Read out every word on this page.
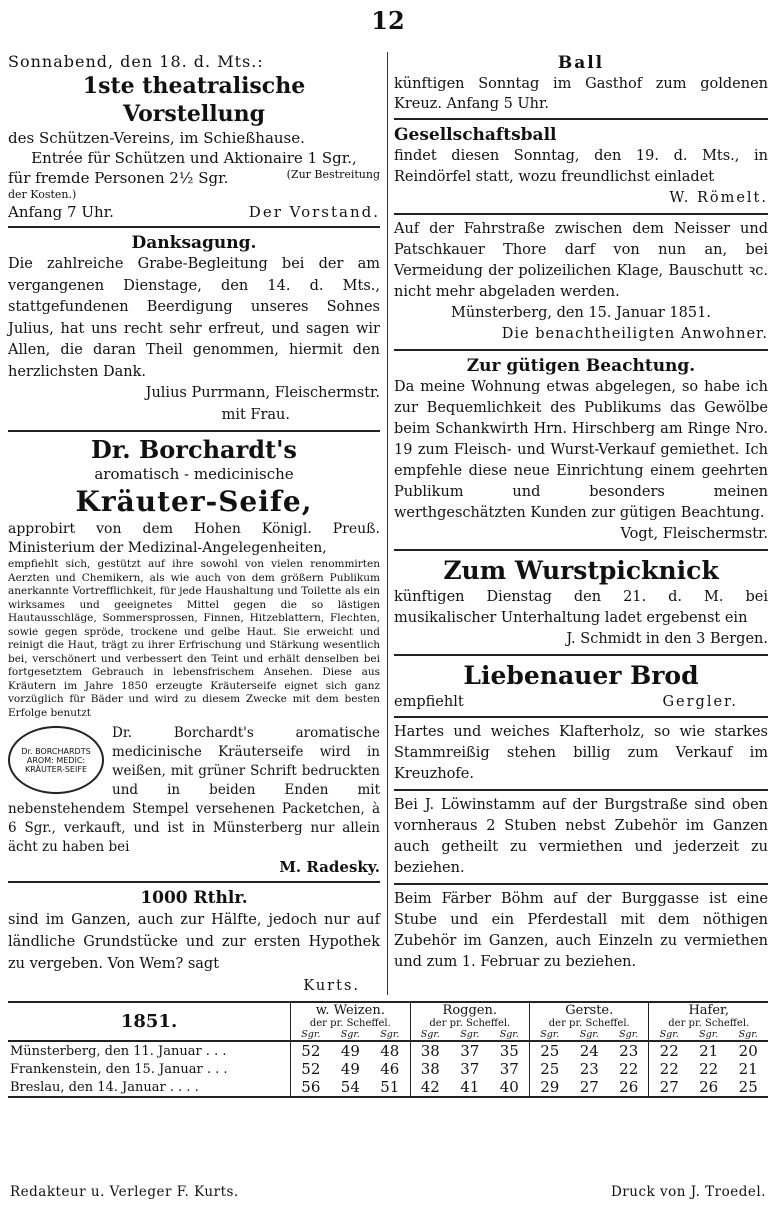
12

Sonnabend, den 18. d. Mts.:

1ste theatralische Vorstellung

des Schützen-Vereins, im Schießhause.

Entrée für Schützen und Aktionaire 1 Sgr.,

für fremde Personen 2½ Sgr.	(Zur Bestreitung

der Kosten.)

Anfang 7 Uhr.	Der Vorstand.

Danksagung.

Die zahlreiche Grabe-Begleitung bei der am vergangenen Dienstage, den 14. d. Mts., stattgefundenen Beerdigung unseres Sohnes Julius, hat uns recht sehr erfreut, und sagen wir Allen, die daran Theil genommen, hiermit den herzlichsten Dank.

Julius Purrmann, Fleischermstr.

mit Frau.

Dr. Borchardt's

aromatisch - medicinische

Kräuter-Seife,

approbirt von dem Hohen Königl. Preuß. Ministerium der Medizinal-Angelegenheiten,

empfiehlt sich, gestützt auf ihre sowohl von vielen renommirten Aerzten und Chemikern, als wie auch von dem größern Publikum anerkannte Vortrefflichkeit, für jede Haushaltung und Toilette als ein wirksames und geeignetes Mittel gegen die so lästigen Hautausschläge, Sommersprossen, Finnen, Hitzeblattern, Flechten, sowie gegen spröde, trockene und gelbe Haut. Sie erweicht und reinigt die Haut, trägt zu ihrer Erfrischung und Stärkung wesentlich bei, verschönert und verbessert den Teint und erhält denselben bei fortgesetztem Gebrauch in lebensfrischem Ansehen. Diese aus Kräutern im Jahre 1850 erzeugte Kräuterseife eignet sich ganz vorzüglich für Bäder und wird zu diesem Zwecke mit dem besten Erfolge benutzt

Dr. BORCHARDTS AROM: MEDIC: KRÄUTER-SEIFE

Dr. Borchardt's aromatische medicinische Kräuterseife wird in weißen, mit grüner Schrift bedruckten und in beiden Enden mit nebenstehendem Stempel versehenen Packetchen, à 6 Sgr., verkauft, und ist in Münsterberg nur allein ächt zu haben bei

M. Radesky.

1000 Rthlr.

sind im Ganzen, auch zur Hälfte, jedoch nur auf ländliche Grundstücke und zur ersten Hypothek zu vergeben. Von Wem? sagt

Kurts.

Ball

künftigen Sonntag im Gasthof zum goldenen Kreuz. Anfang 5 Uhr.

Gesellschaftsball

findet diesen Sonntag, den 19. d. Mts., in Reindörfel statt, wozu freundlichst einladet

W. Römelt.

Auf der Fahrstraße zwischen dem Neisser und Patschkauer Thore darf von nun an, bei Vermeidung der polizeilichen Klage, Bauschutt ꝛc. nicht mehr abgeladen werden.

Münsterberg, den 15. Januar 1851.

Die benachtheiligten Anwohner.

Zur gütigen Beachtung.

Da meine Wohnung etwas abgelegen, so habe ich zur Bequemlichkeit des Publikums das Gewölbe beim Schankwirth Hrn. Hirschberg am Ringe Nro. 19 zum Fleisch- und Wurst-Verkauf gemiethet. Ich empfehle diese neue Einrichtung einem geehrten Publikum und besonders meinen werthgeschätzten Kunden zur gütigen Beachtung.

Vogt, Fleischermstr.

Zum Wurstpicknick

künftigen Dienstag den 21. d. M. bei musikalischer Unterhaltung ladet ergebenst ein

J. Schmidt in den 3 Bergen.

Liebenauer Brod

empfiehlt	Gergler.

Hartes und weiches Klafterholz, so wie starkes Stammreißig stehen billig zum Verkauf im Kreuzhofe.

Bei J. Löwinstamm auf der Burgstraße sind oben vornheraus 2 Stuben nebst Zubehör im Ganzen auch getheilt zu vermiethen und jederzeit zu beziehen.

Beim Färber Böhm auf der Burggasse ist eine Stube und ein Pferdestall mit dem nöthigen Zubehör im Ganzen, auch Einzeln zu vermiethen und zum 1. Februar zu beziehen.

1851.	w. Weizen.			Roggen.			Gerste.			Hafer,		
	der pr. Scheffel.			der pr. Scheffel.			der pr. Scheffel.			der pr. Scheffel.		
	Sgr.	Sgr.	Sgr.	Sgr.	Sgr.	Sgr.	Sgr.	Sgr.	Sgr.	Sgr.	Sgr.	Sgr.
Münsterberg, den 11. Januar . . .	52	49	48	38	37	35	25	24	23	22	21	20
Frankenstein, den 15. Januar . . .	52	49	46	38	37	37	25	23	22	22	22	21
Breslau, den 14. Januar . . . .	56	54	51	42	41	40	29	27	26	27	26	25
Redakteur u. Verleger F. Kurts.	Druck von J. Troedel.
